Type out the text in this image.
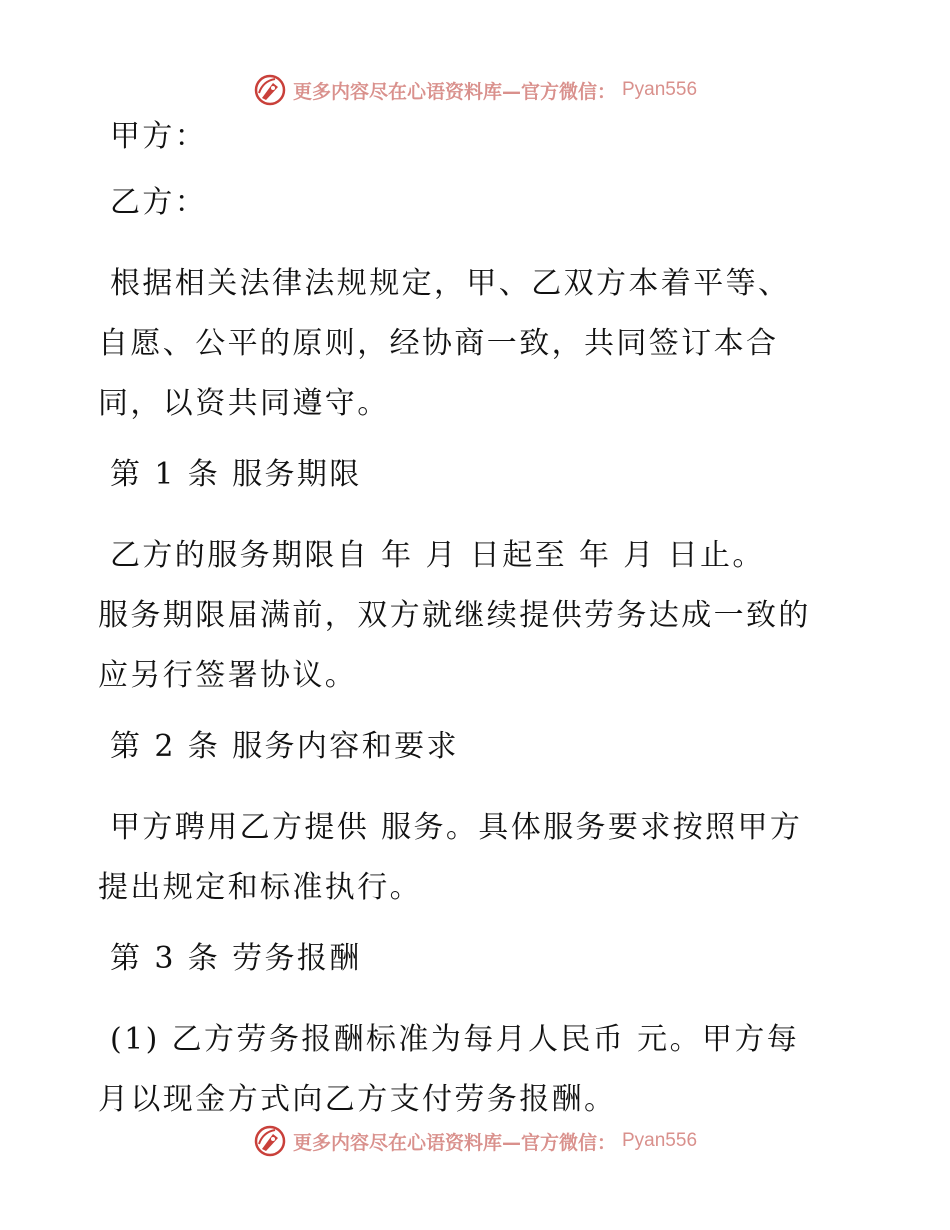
更多内容尽在心语资料库—官方微信： Pyan556
甲方：
乙方：
根据相关法律法规规定，甲、乙双方本着平等、
自愿、公平的原则，经协商一致，共同签订本合
同，以资共同遵守。
第 1 条 服务期限
乙方的服务期限自 年 月 日起至 年 月 日止。
服务期限届满前，双方就继续提供劳务达成一致的
应另行签署协议。
第 2 条 服务内容和要求
甲方聘用乙方提供 服务。具体服务要求按照甲方
提出规定和标准执行。
第 3 条 劳务报酬
(1) 乙方劳务报酬标准为每月人民币 元。甲方每
月以现金方式向乙方支付劳务报酬。
更多内容尽在心语资料库—官方微信： Pyan556
